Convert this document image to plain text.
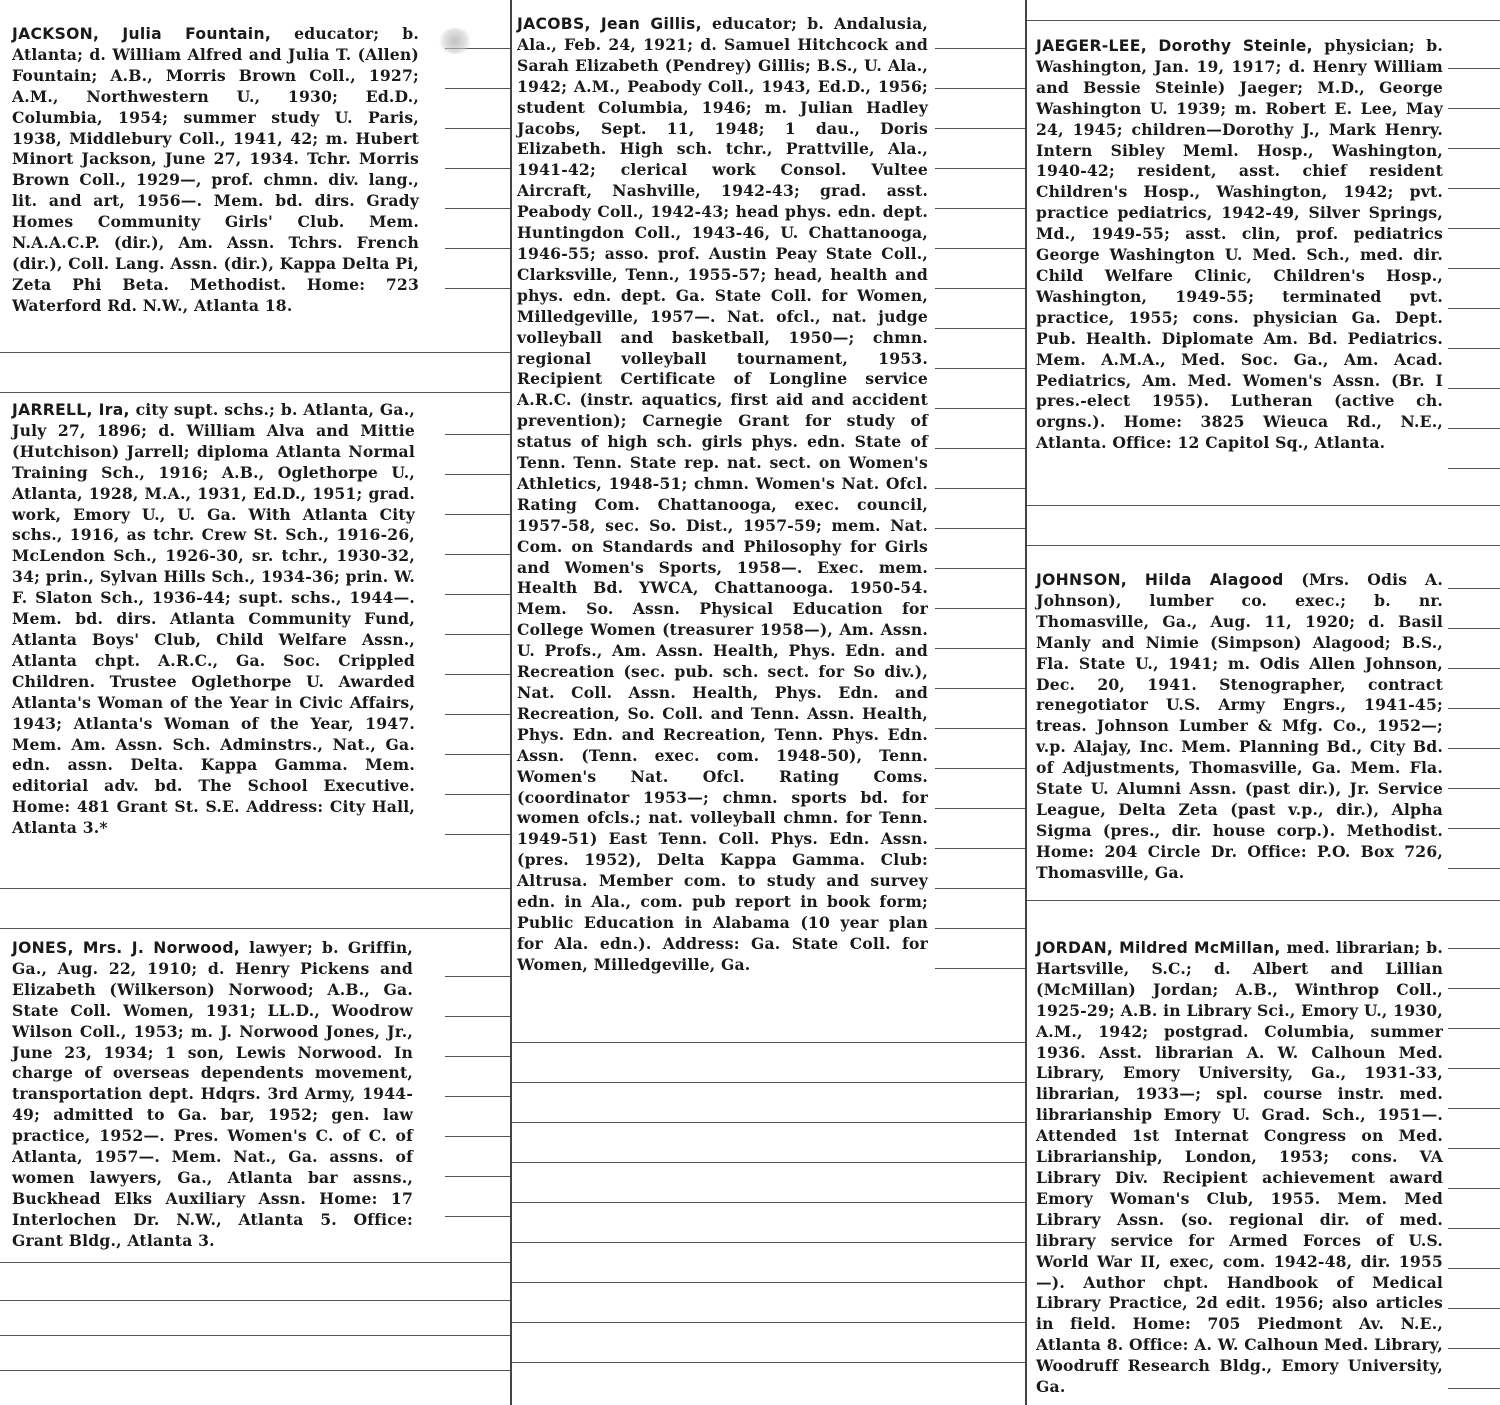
JACKSON, Julia Fountain, educator; b. Atlanta; d. William Alfred and Julia T. (Allen) Fountain; A.B., Morris Brown Coll., 1927; A.M., Northwestern U., 1930; Ed.D., Columbia, 1954; summer study U. Paris, 1938, Middlebury Coll., 1941, 42; m. Hubert Minort Jackson, June 27, 1934. Tchr. Morris Brown Coll., 1929—, prof. chmn. div. lang., lit. and art, 1956—. Mem. bd. dirs. Grady Homes Community Girls' Club. Mem. N.A.A.C.P. (dir.), Am. Assn. Tchrs. French (dir.), Coll. Lang. Assn. (dir.), Kappa Delta Pi, Zeta Phi Beta. Methodist. Home: 723 Waterford Rd. N.W., Atlanta 18.
JARRELL, Ira, city supt. schs.; b. Atlanta, Ga., July 27, 1896; d. William Alva and Mittie (Hutchison) Jarrell; diploma Atlanta Normal Training Sch., 1916; A.B., Oglethorpe U., Atlanta, 1928, M.A., 1931, Ed.D., 1951; grad. work, Emory U., U. Ga. With Atlanta City schs., 1916, as tchr. Crew St. Sch., 1916-26, McLendon Sch., 1926-30, sr. tchr., 1930-32, 34; prin., Sylvan Hills Sch., 1934-36; prin. W. F. Slaton Sch., 1936-44; supt. schs., 1944—. Mem. bd. dirs. Atlanta Community Fund, Atlanta Boys' Club, Child Welfare Assn., Atlanta chpt. A.R.C., Ga. Soc. Crippled Children. Trustee Oglethorpe U. Awarded Atlanta's Woman of the Year in Civic Affairs, 1943; Atlanta's Woman of the Year, 1947. Mem. Am. Assn. Sch. Adminstrs., Nat., Ga. edn. assn. Delta. Kappa Gamma. Mem. editorial adv. bd. The School Executive. Home: 481 Grant St. S.E. Address: City Hall, Atlanta 3.*
JONES, Mrs. J. Norwood, lawyer; b. Griffin, Ga., Aug. 22, 1910; d. Henry Pickens and Elizabeth (Wilkerson) Norwood; A.B., Ga. State Coll. Women, 1931; LL.D., Woodrow Wilson Coll., 1953; m. J. Norwood Jones, Jr., June 23, 1934; 1 son, Lewis Norwood. In charge of overseas dependents movement, transportation dept. Hdqrs. 3rd Army, 1944-49; admitted to Ga. bar, 1952; gen. law practice, 1952—. Pres. Women's C. of C. of Atlanta, 1957—. Mem. Nat., Ga. assns. of women lawyers, Ga., Atlanta bar assns., Buckhead Elks Auxiliary Assn. Home: 17 Interlochen Dr. N.W., Atlanta 5. Office: Grant Bldg., Atlanta 3.
JACOBS, Jean Gillis, educator; b. Andalusia, Ala., Feb. 24, 1921; d. Samuel Hitchcock and Sarah Elizabeth (Pendrey) Gillis; B.S., U. Ala., 1942; A.M., Peabody Coll., 1943, Ed.D., 1956; student Columbia, 1946; m. Julian Hadley Jacobs, Sept. 11, 1948; 1 dau., Doris Elizabeth. High sch. tchr., Prattville, Ala., 1941-42; clerical work Consol. Vultee Aircraft, Nashville, 1942-43; grad. asst. Peabody Coll., 1942-43; head phys. edn. dept. Huntingdon Coll., 1943-46, U. Chattanooga, 1946-55; asso. prof. Austin Peay State Coll., Clarksville, Tenn., 1955-57; head, health and phys. edn. dept. Ga. State Coll. for Women, Milledgeville, 1957—. Nat. ofcl., nat. judge volleyball and basketball, 1950—; chmn. regional volleyball tournament, 1953. Recipient Certificate of Longline service A.R.C. (instr. aquatics, first aid and accident prevention); Carnegie Grant for study of status of high sch. girls phys. edn. State of Tenn. Tenn. State rep. nat. sect. on Women's Athletics, 1948-51; chmn. Women's Nat. Ofcl. Rating Com. Chattanooga, exec. council, 1957-58, sec. So. Dist., 1957-59; mem. Nat. Com. on Standards and Philosophy for Girls and Women's Sports, 1958—. Exec. mem. Health Bd. YWCA, Chattanooga. 1950-54. Mem. So. Assn. Physical Education for College Women (treasurer 1958—), Am. Assn. U. Profs., Am. Assn. Health, Phys. Edn. and Recreation (sec. pub. sch. sect. for So div.), Nat. Coll. Assn. Health, Phys. Edn. and Recreation, So. Coll. and Tenn. Assn. Health, Phys. Edn. and Recreation, Tenn. Phys. Edn. Assn. (Tenn. exec. com. 1948-50), Tenn. Women's Nat. Ofcl. Rating Coms. (coordinator 1953—; chmn. sports bd. for women ofcls.; nat. volleyball chmn. for Tenn. 1949-51) East Tenn. Coll. Phys. Edn. Assn. (pres. 1952), Delta Kappa Gamma. Club: Altrusa. Member com. to study and survey edn. in Ala., com. pub report in book form; Public Education in Alabama (10 year plan for Ala. edn.). Address: Ga. State Coll. for Women, Milledgeville, Ga.
JAEGER-LEE, Dorothy Steinle, physician; b. Washington, Jan. 19, 1917; d. Henry William and Bessie Steinle) Jaeger; M.D., George Washington U. 1939; m. Robert E. Lee, May 24, 1945; children—Dorothy J., Mark Henry. Intern Sibley Meml. Hosp., Washington, 1940-42; resident, asst. chief resident Children's Hosp., Washington, 1942; pvt. practice pediatrics, 1942-49, Silver Springs, Md., 1949-55; asst. clin, prof. pediatrics George Washington U. Med. Sch., med. dir. Child Welfare Clinic, Children's Hosp., Washington, 1949-55; terminated pvt. practice, 1955; cons. physician Ga. Dept. Pub. Health. Diplomate Am. Bd. Pediatrics. Mem. A.M.A., Med. Soc. Ga., Am. Acad. Pediatrics, Am. Med. Women's Assn. (Br. I pres.-elect 1955). Lutheran (active ch. orgns.). Home: 3825 Wieuca Rd., N.E., Atlanta. Office: 12 Capitol Sq., Atlanta.
JOHNSON, Hilda Alagood (Mrs. Odis A. Johnson), lumber co. exec.; b. nr. Thomasville, Ga., Aug. 11, 1920; d. Basil Manly and Nimie (Simpson) Alagood; B.S., Fla. State U., 1941; m. Odis Allen Johnson, Dec. 20, 1941. Stenographer, contract renegotiator U.S. Army Engrs., 1941-45; treas. Johnson Lumber & Mfg. Co., 1952—; v.p. Alajay, Inc. Mem. Planning Bd., City Bd. of Adjustments, Thomasville, Ga. Mem. Fla. State U. Alumni Assn. (past dir.), Jr. Service League, Delta Zeta (past v.p., dir.), Alpha Sigma (pres., dir. house corp.). Methodist. Home: 204 Circle Dr. Office: P.O. Box 726, Thomasville, Ga.
JORDAN, Mildred McMillan, med. librarian; b. Hartsville, S.C.; d. Albert and Lillian (McMillan) Jordan; A.B., Winthrop Coll., 1925-29; A.B. in Library Sci., Emory U., 1930, A.M., 1942; postgrad. Columbia, summer 1936. Asst. librarian A. W. Calhoun Med. Library, Emory University, Ga., 1931-33, librarian, 1933—; spl. course instr. med. librarianship Emory U. Grad. Sch., 1951—. Attended 1st Internat Congress on Med. Librarianship, London, 1953; cons. VA Library Div. Recipient achievement award Emory Woman's Club, 1955. Mem. Med Library Assn. (so. regional dir. of med. library service for Armed Forces of U.S. World War II, exec, com. 1942-48, dir. 1955—). Author chpt. Handbook of Medical Library Practice, 2d edit. 1956; also articles in field. Home: 705 Piedmont Av. N.E., Atlanta 8. Office: A. W. Calhoun Med. Library, Woodruff Research Bldg., Emory University, Ga.
